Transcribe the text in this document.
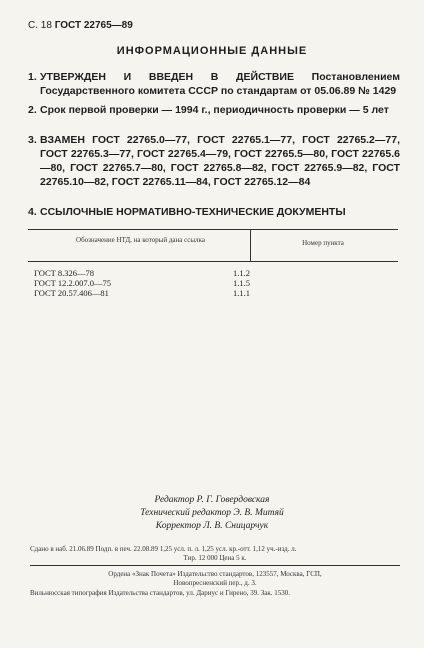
С. 18 ГОСТ 22765—89
ИНФОРМАЦИОННЫЕ ДАННЫЕ
1. УТВЕРЖДЕН И ВВЕДЕН В ДЕЙСТВИЕ Постановлением Государственного комитета СССР по стандартам от 05.06.89 № 1429
2. Срок первой проверки — 1994 г., периодичность проверки — 5 лет
3. ВЗАМЕН ГОСТ 22765.0—77, ГОСТ 22765.1—77, ГОСТ 22765.2—77, ГОСТ 22765.3—77, ГОСТ 22765.4—79, ГОСТ 22765.5—80, ГОСТ 22765.6—80, ГОСТ 22765.7—80, ГОСТ 22765.8—82, ГОСТ 22765.9—82, ГОСТ 22765.10—82, ГОСТ 22765.11—84, ГОСТ 22765.12—84
4. ССЫЛОЧНЫЕ НОРМАТИВНО-ТЕХНИЧЕСКИЕ ДОКУМЕНТЫ
Обозначение НТД, на который дана ссылка	Номер пункта
ГОСТ 8.326—78	1.1.2
ГОСТ 12.2.007.0—75	1.1.5
ГОСТ 20.57.406—81	1.1.1
Редактор Р. Г. Говердовская
Технический редактор Э. В. Митяй
Корректор Л. В. Сницарчук
Сдано в наб. 21.06.89 Подп. в печ. 22.08.89 1,25 усл. п. л. 1,25 усл. кр.-отт. 1,12 уч.-изд. л.
Тир. 12 000 Цена 5 к.
Ордена «Знак Почета» Издательство стандартов, 123557, Москва, ГСП,
Новопресненский пер., д. 3.
Вильнюсская типография Издательства стандартов, ул. Дариус и Гирено, 39. Зак. 1530.
